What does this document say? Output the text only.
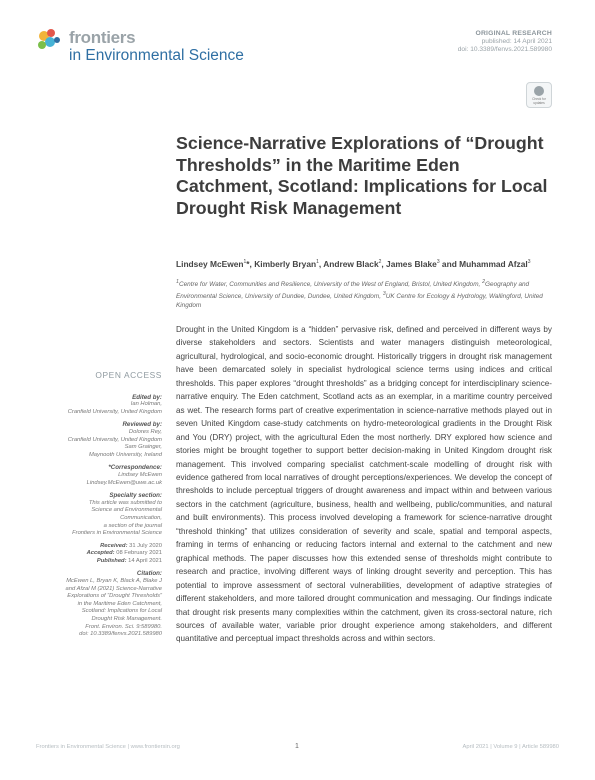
frontiers
in Environmental Science
ORIGINAL RESEARCH
published: 14 April 2021
doi: 10.3389/fenvs.2021.589980
Check for updates
Science-Narrative Explorations of “Drought Thresholds” in the Maritime Eden Catchment, Scotland: Implications for Local Drought Risk Management
Lindsey McEwen$^1$*, Kimberly Bryan$^1$, Andrew Black$^2$, James Blake$^3$ and Muhammad Afzal$^3$
$^1$Centre for Water, Communities and Resilience, University of the West of England, Bristol, United Kingdom, $^2$Geography and Environmental Science, University of Dundee, Dundee, United Kingdom, $^3$UK Centre for Ecology & Hydrology, Wallingford, United Kingdom

Drought in the United Kingdom is a “hidden” pervasive risk, defined and perceived in different ways by diverse stakeholders and sectors. Scientists and water managers distinguish meteorological, agricultural, hydrological, and socio-economic drought. Historically triggers in drought risk management have been demarcated solely in specialist hydrological science terms using indices and critical thresholds. This paper explores “drought thresholds” as a bridging concept for interdisciplinary science-narrative enquiry. The Eden catchment, Scotland acts as an exemplar, in a maritime country perceived as wet. The research forms part of creative experimentation in science-narrative methods played out in seven United Kingdom case-study catchments on hydro-meteorological gradients in the Drought Risk and You (DRY) project, with the agricultural Eden the most northerly. DRY explored how science and stories might be brought together to support better decision-making in United Kingdom drought risk management. This involved comparing specialist catchment-scale modelling of drought risk with evidence gathered from local narratives of drought perceptions/experiences. We develop the concept of thresholds to include perceptual triggers of drought awareness and impact within and between various sectors in the catchment (agriculture, business, health and wellbeing, public/communities, and natural and built environments). This process involved developing a framework for science-narrative drought “threshold thinking” that utilizes consideration of severity and scale, spatial and temporal aspects, framing in terms of enhancing or reducing factors internal and external to the catchment and new graphical methods. The paper discusses how this extended sense of thresholds might contribute to research and practice, involving different ways of linking drought severity and perception. This has potential to improve assessment of sectoral vulnerabilities, development of adaptive strategies of different stakeholders, and more tailored drought communication and messaging. Our findings indicate that drought risk presents many complexities within the catchment, given its cross-sectoral nature, rich sources of available water, variable prior drought experience among stakeholders, and different quantitative and perceptual impact thresholds across and within sectors.

OPEN ACCESS
Edited by:
Ian Holman,
Cranfield University, United Kingdom
Reviewed by:
Dolores Rey,
Cranfield University, United Kingdom
Sam Grainger,
Maynooth University, Ireland
*Correspondence:
Lindsey McEwen
Lindsey.McEwen@uwe.ac.uk
Specialty section:
This article was submitted to
Science and Environmental
Communication,
a section of the journal
Frontiers in Environmental Science
Received: 31 July 2020
Accepted: 08 February 2021
Published: 14 April 2021
Citation:
McEwen L, Bryan K, Black A, Blake J
and Afzal M (2021) Science-Narrative
Explorations of “Drought Thresholds”
in the Maritime Eden Catchment,
Scotland: Implications for Local
Drought Risk Management.
Front. Environ. Sci. 9:589980.
doi: 10.3389/fenvs.2021.589980
Frontiers in Environmental Science | www.frontiersin.org	1	April 2021 | Volume 9 | Article 589980
